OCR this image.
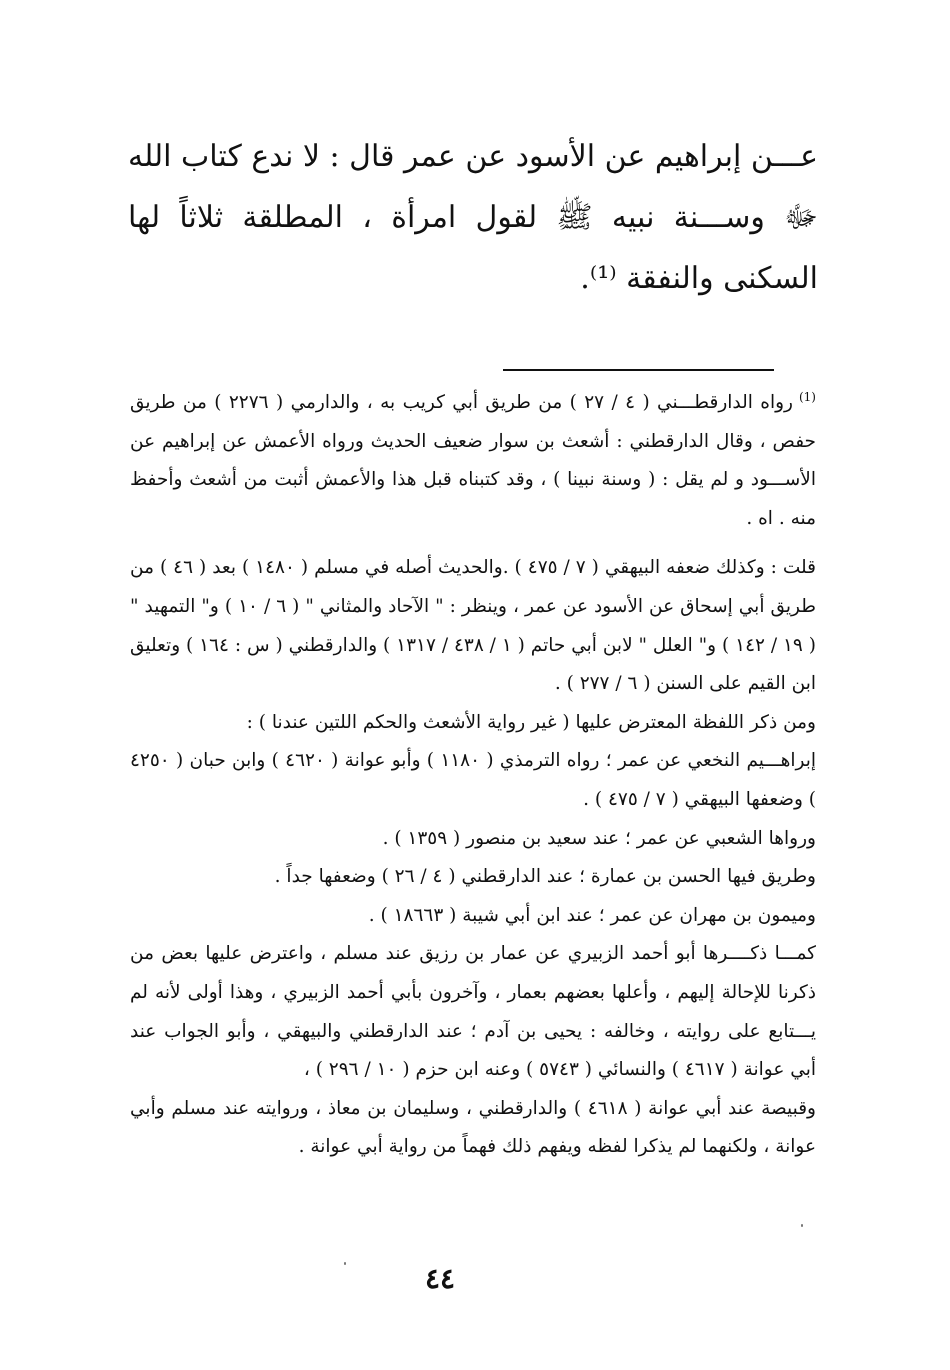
عـــن إبراهيم عن الأسود عن عمر قال : لا ندع كتاب الله ﷻ وســـنة نبيه ﷺ لقول امرأة ، المطلقة ثلاثاً لها السكنى والنفقة ⁽¹⁾.

$^{(1)}$رواه الدارقطـــني ( ٤ / ٢٧ ) من طريق أبي كريب به ، والدارمي ( ٢٢٧٦ ) من طريق حفص ، وقال الدارقطني : أشعث بن سوار ضعيف الحديث ورواه الأعمش عن إبراهيم عن الأســـود و لم يقل : ( وسنة نبينا ) ، وقد كتبناه قبل هذا والأعمش أثبت من أشعث وأحفظ منه . اه .

قلت : وكذلك ضعفه البيهقي ( ٧ / ٤٧٥ ) .والحديث أصله في مسلم ( ١٤٨٠ ) بعد ( ٤٦ ) من طريق أبي إسحاق عن الأسود عن عمر ، وينظر : " الآحاد والمثاني " ( ٦ / ١٠ ) و" التمهيد " ( ١٩ / ١٤٢ ) و" العلل " لابن أبي حاتم ( ١ / ٤٣٨ / ١٣١٧ ) والدارقطني ( س : ١٦٤ ) وتعليق ابن القيم على السنن ( ٦ / ٢٧٧ ) .

ومن ذكر اللفظة المعترض عليها ( غير رواية الأشعث والحكم اللتين عندنا ) :

إبراهـــيم النخعي عن عمر ؛ رواه الترمذي ( ١١٨٠ ) وأبو عوانة ( ٤٦٢٠ ) وابن حبان ( ٤٢٥٠ ) وضعفها البيهقي ( ٧ / ٤٧٥ ) .

ورواها الشعبي عن عمر ؛ عند سعيد بن منصور ( ١٣٥٩ ) .

وطريق فيها الحسن بن عمارة ؛ عند الدارقطني ( ٤ / ٢٦ ) وضعفها جداً .

وميمون بن مهران عن عمر ؛ عند ابن أبي شيبة ( ١٨٦٦٣ ) .

كمـــا ذكــــرها أبو أحمد الزبيري عن عمار بن رزيق عند مسلم ، واعترض عليها بعض من ذكرنا للإحالة إليهم ، وأعلها بعضهم بعمار ، وآخرون بأبي أحمد الزبيري ، وهذا أولى لأنه لم يـــتابع على روايته ، وخالفه : يحيى بن آدم ؛ عند الدارقطني والبيهقي ، وأبو الجواب عند أبي عوانة ( ٤٦١٧ ) والنسائي ( ٥٧٤٣ ) وعنه ابن حزم ( ١٠ / ٢٩٦ ) ،

وقبيصة عند أبي عوانة ( ٤٦١٨ ) والدارقطني ، وسليمان بن معاذ ، وروايته عند مسلم وأبي عوانة ، ولكنهما لم يذكرا لفظه ويفهم ذلك فهماً من رواية أبي عوانة .

٤٤
